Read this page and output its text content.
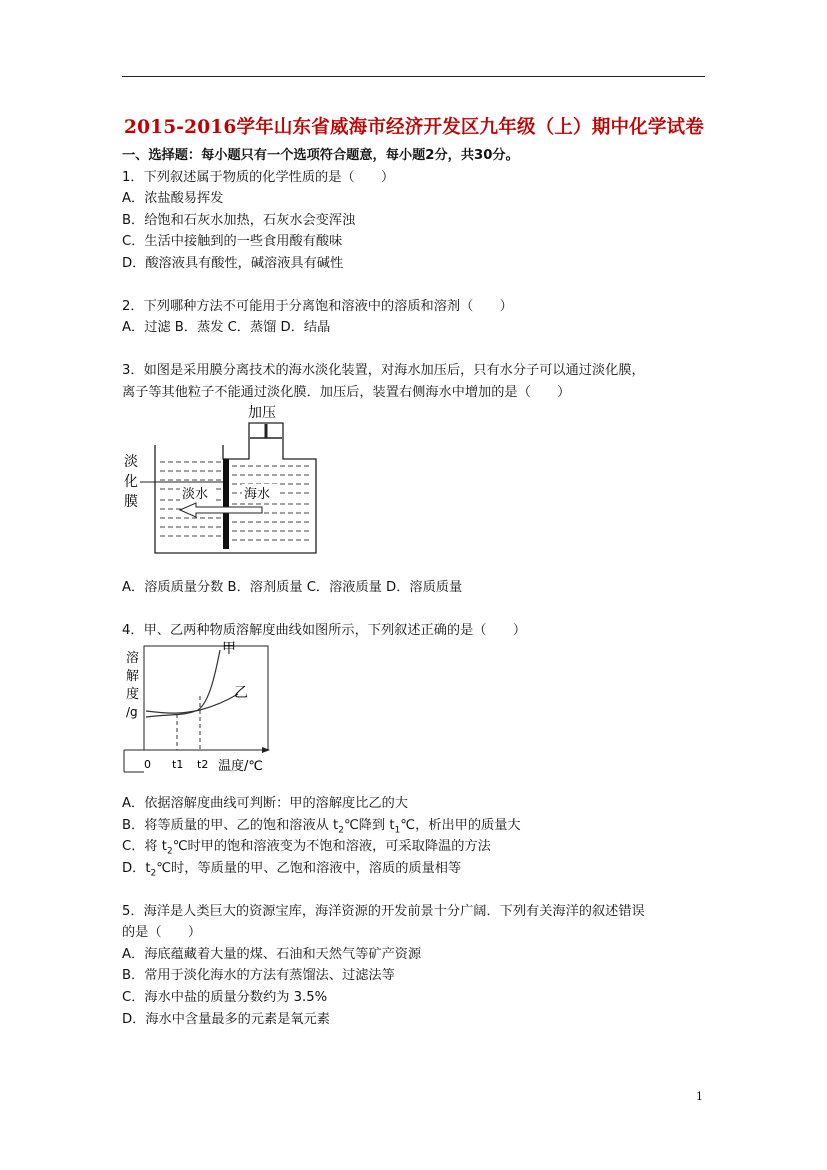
2015-2016学年山东省威海市经济开发区九年级（上）期中化学试卷
一、选择题：每小题只有一个选项符合题意，每小题2分，共30分。
1．下列叙述属于物质的化学性质的是（　　）
A．浓盐酸易挥发
B．给饱和石灰水加热，石灰水会变浑浊
C．生活中接触到的一些食用酸有酸味
D．酸溶液具有酸性，碱溶液具有碱性
2．下列哪种方法不可能用于分离饱和溶液中的溶质和溶剂（　　）
A．过滤 B．蒸发 C．蒸馏 D．结晶
3．如图是采用膜分离技术的海水淡化装置，对海水加压后，只有水分子可以通过淡化膜，
离子等其他粒子不能通过淡化膜．加压后，装置右侧海水中增加的是（　　）
加压
淡
化
膜	淡水	海水
A．溶质质量分数 B．溶剂质量 C．溶液质量 D．溶质质量
4．甲、乙两种物质溶解度曲线如图所示，下列叙述正确的是（　　）
溶
解
度
/g
甲
乙
0 t1 t2 温度/℃
A．依据溶解度曲线可判断：甲的溶解度比乙的大
B．将等质量的甲、乙的饱和溶液从 $t_2℃$降到 $t_1℃$，析出甲的质量大
C．将 $t_2℃$时甲的饱和溶液变为不饱和溶液，可采取降温的方法
D．$t_2℃$时，等质量的甲、乙饱和溶液中，溶质的质量相等
5．海洋是人类巨大的资源宝库，海洋资源的开发前景十分广阔．下列有关海洋的叙述错误
的是（　　）
A．海底蕴藏着大量的煤、石油和天然气等矿产资源
B．常用于淡化海水的方法有蒸馏法、过滤法等
C．海水中盐的质量分数约为 3.5%
D．海水中含量最多的元素是氧元素
1
